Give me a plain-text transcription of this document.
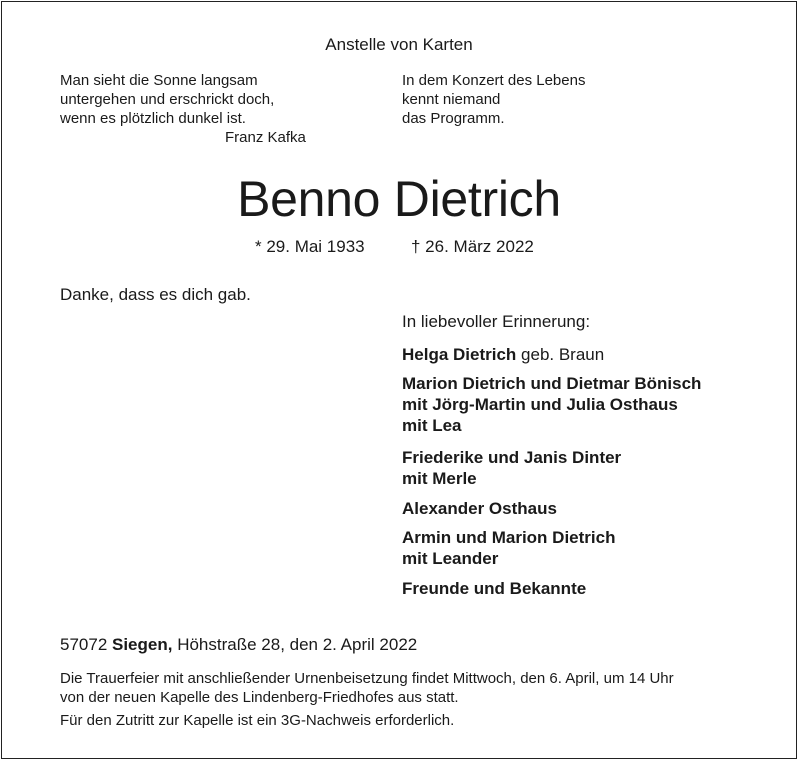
Anstelle von Karten

Man sieht die Sonne langsam
untergehen und erschrickt doch,
wenn es plötzlich dunkel ist.
Franz Kafka
In dem Konzert des Lebens
kennt niemand
das Programm.
Benno Dietrich

* 29. Mai 1933	† 26. März 2022

Danke, dass es dich gab.

In liebevoller Erinnerung:

Helga Dietrich geb. Braun
Marion Dietrich und Dietmar Bönisch
mit Jörg-Martin und Julia Osthaus
mit Lea
Friederike und Janis Dinter
mit Merle
Alexander Osthaus
Armin und Marion Dietrich
mit Leander
Freunde und Bekannte

57072 Siegen, Höhstraße 28, den 2. April 2022

Die Trauerfeier mit anschließender Urnenbeisetzung findet Mittwoch, den 6. April, um 14 Uhr
von der neuen Kapelle des Lindenberg-Friedhofes aus statt.

Für den Zutritt zur Kapelle ist ein 3G-Nachweis erforderlich.
